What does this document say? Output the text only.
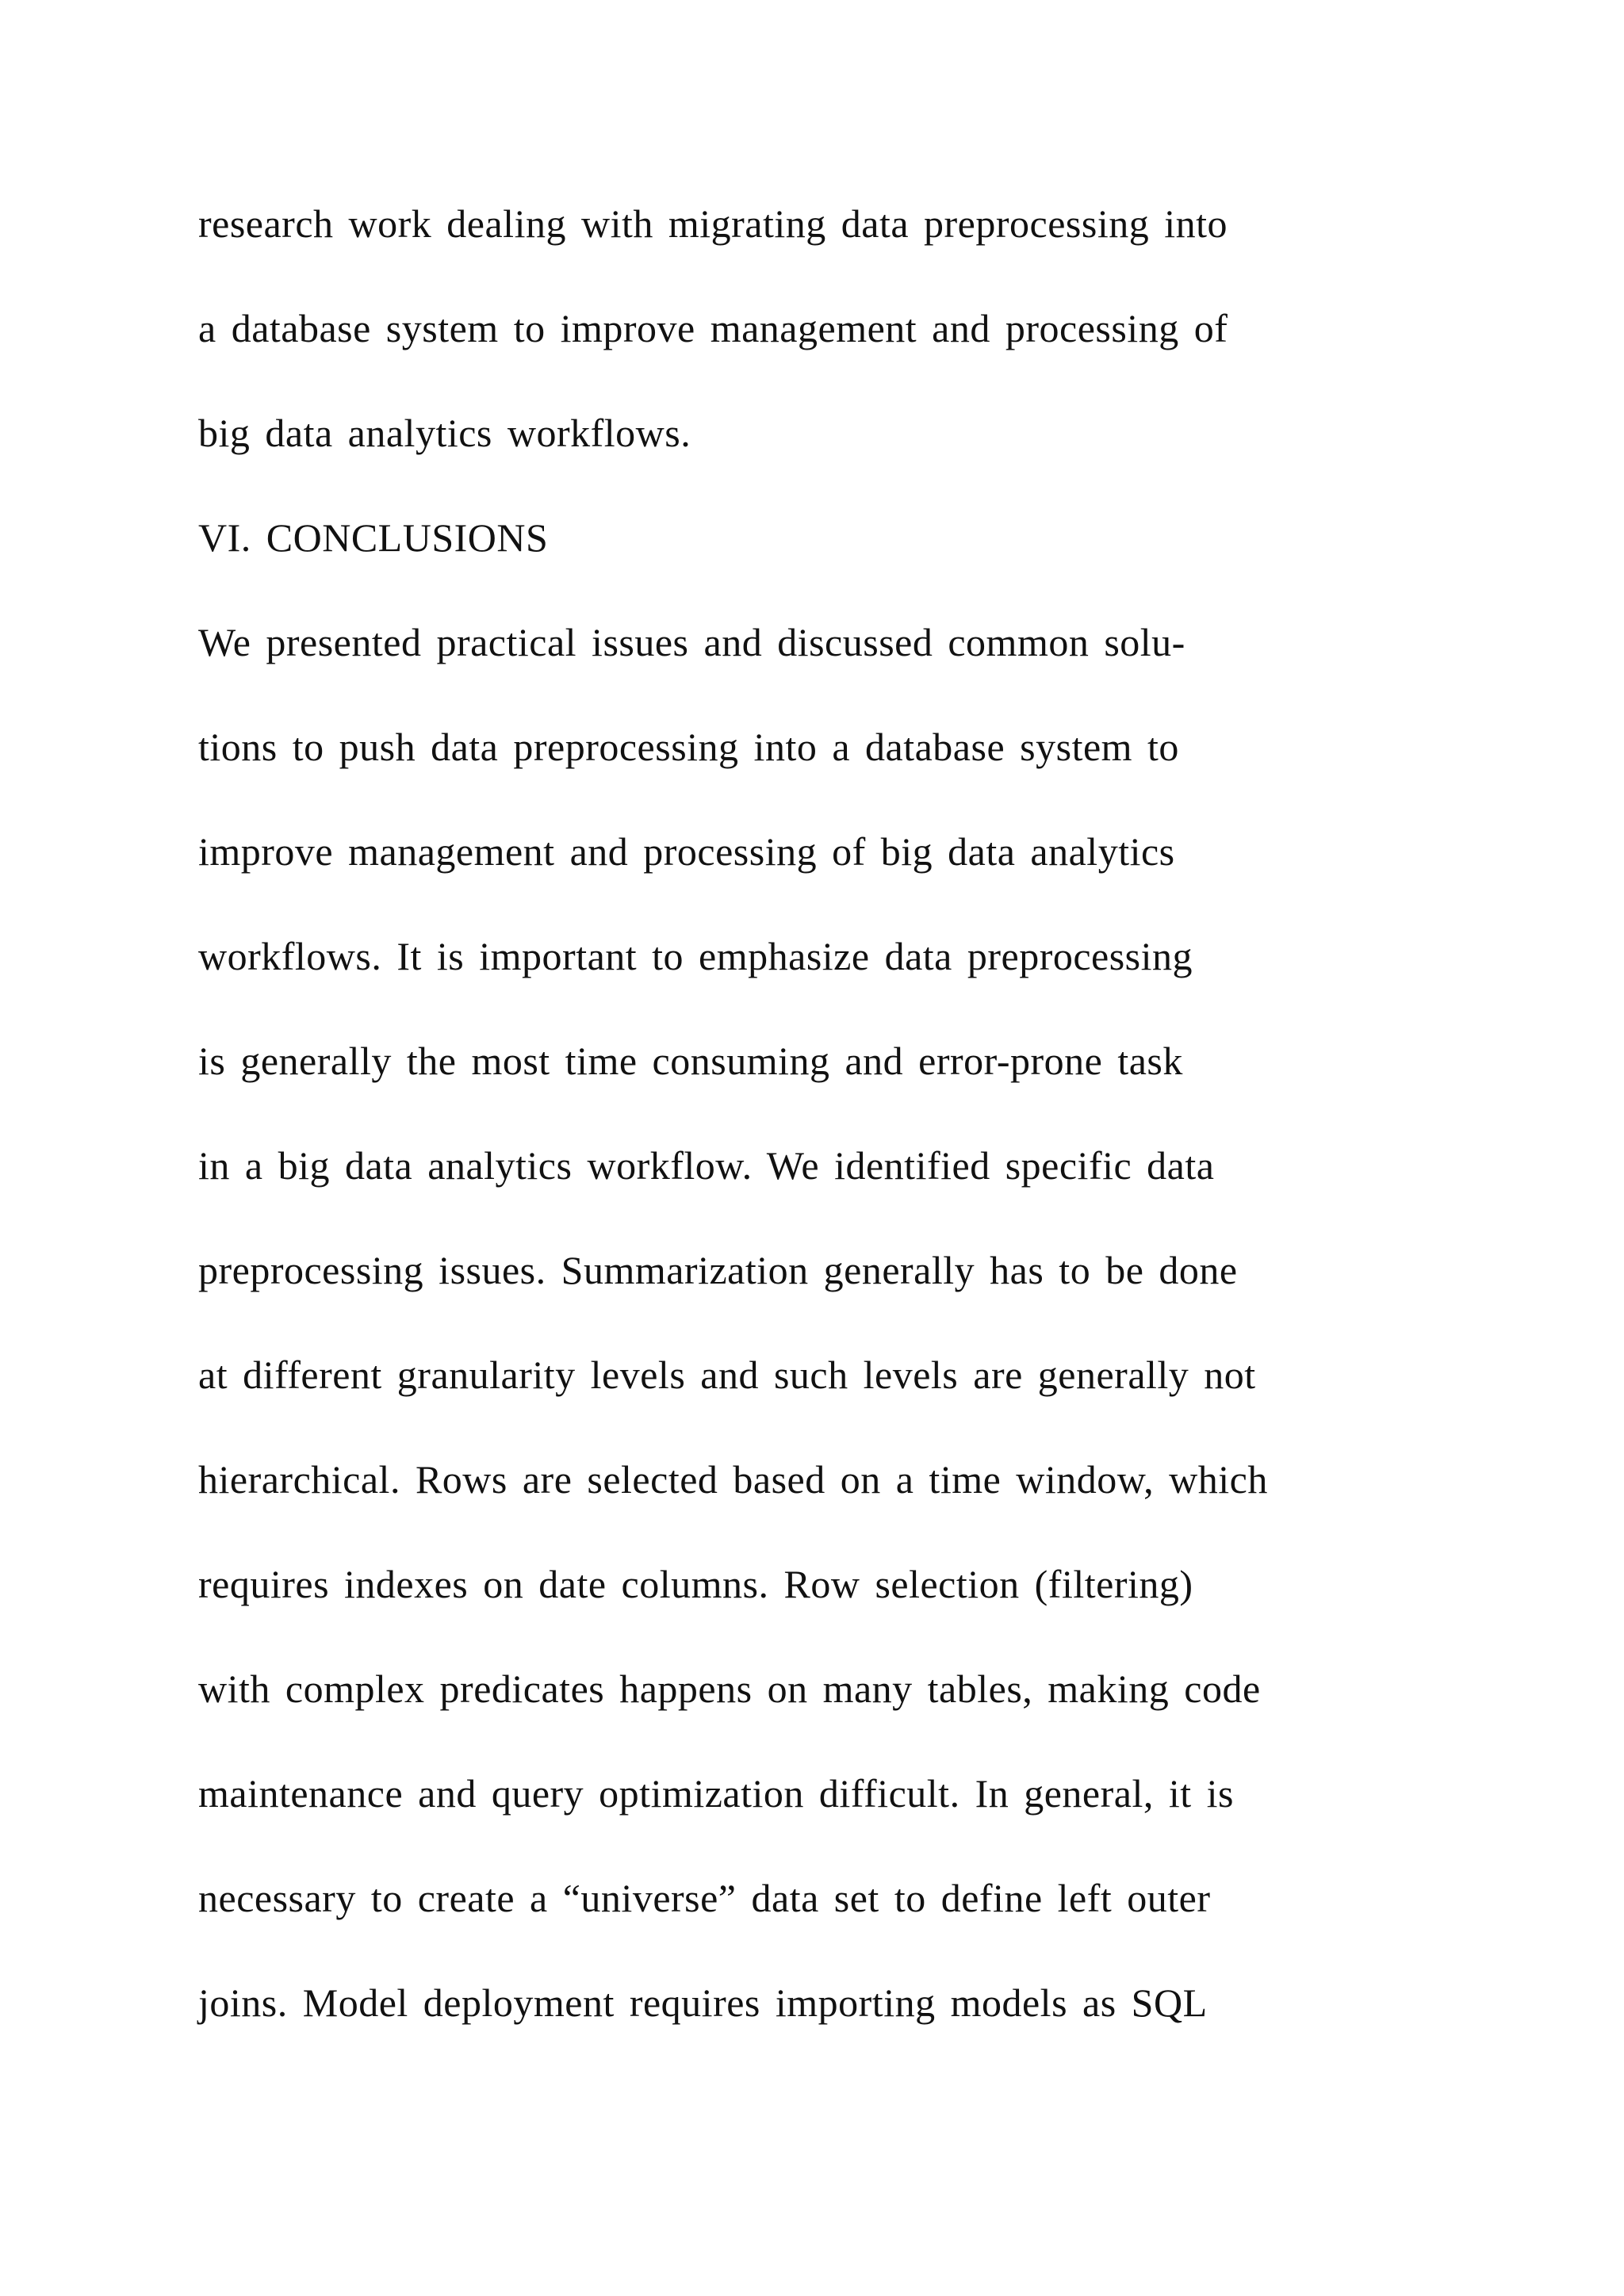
research work dealing with migrating data preprocessing into
a database system to improve management and processing of
big data analytics workflows.
VI. CONCLUSIONS
We presented practical issues and discussed common solu-
tions to push data preprocessing into a database system to
improve management and processing of big data analytics
workflows. It is important to emphasize data preprocessing
is generally the most time consuming and error-prone task
in a big data analytics workflow. We identified specific data
preprocessing issues. Summarization generally has to be done
at different granularity levels and such levels are generally not
hierarchical. Rows are selected based on a time window, which
requires indexes on date columns. Row selection (filtering)
with complex predicates happens on many tables, making code
maintenance and query optimization difficult. In general, it is
necessary to create a “universe” data set to define left outer
joins. Model deployment requires importing models as SQL
